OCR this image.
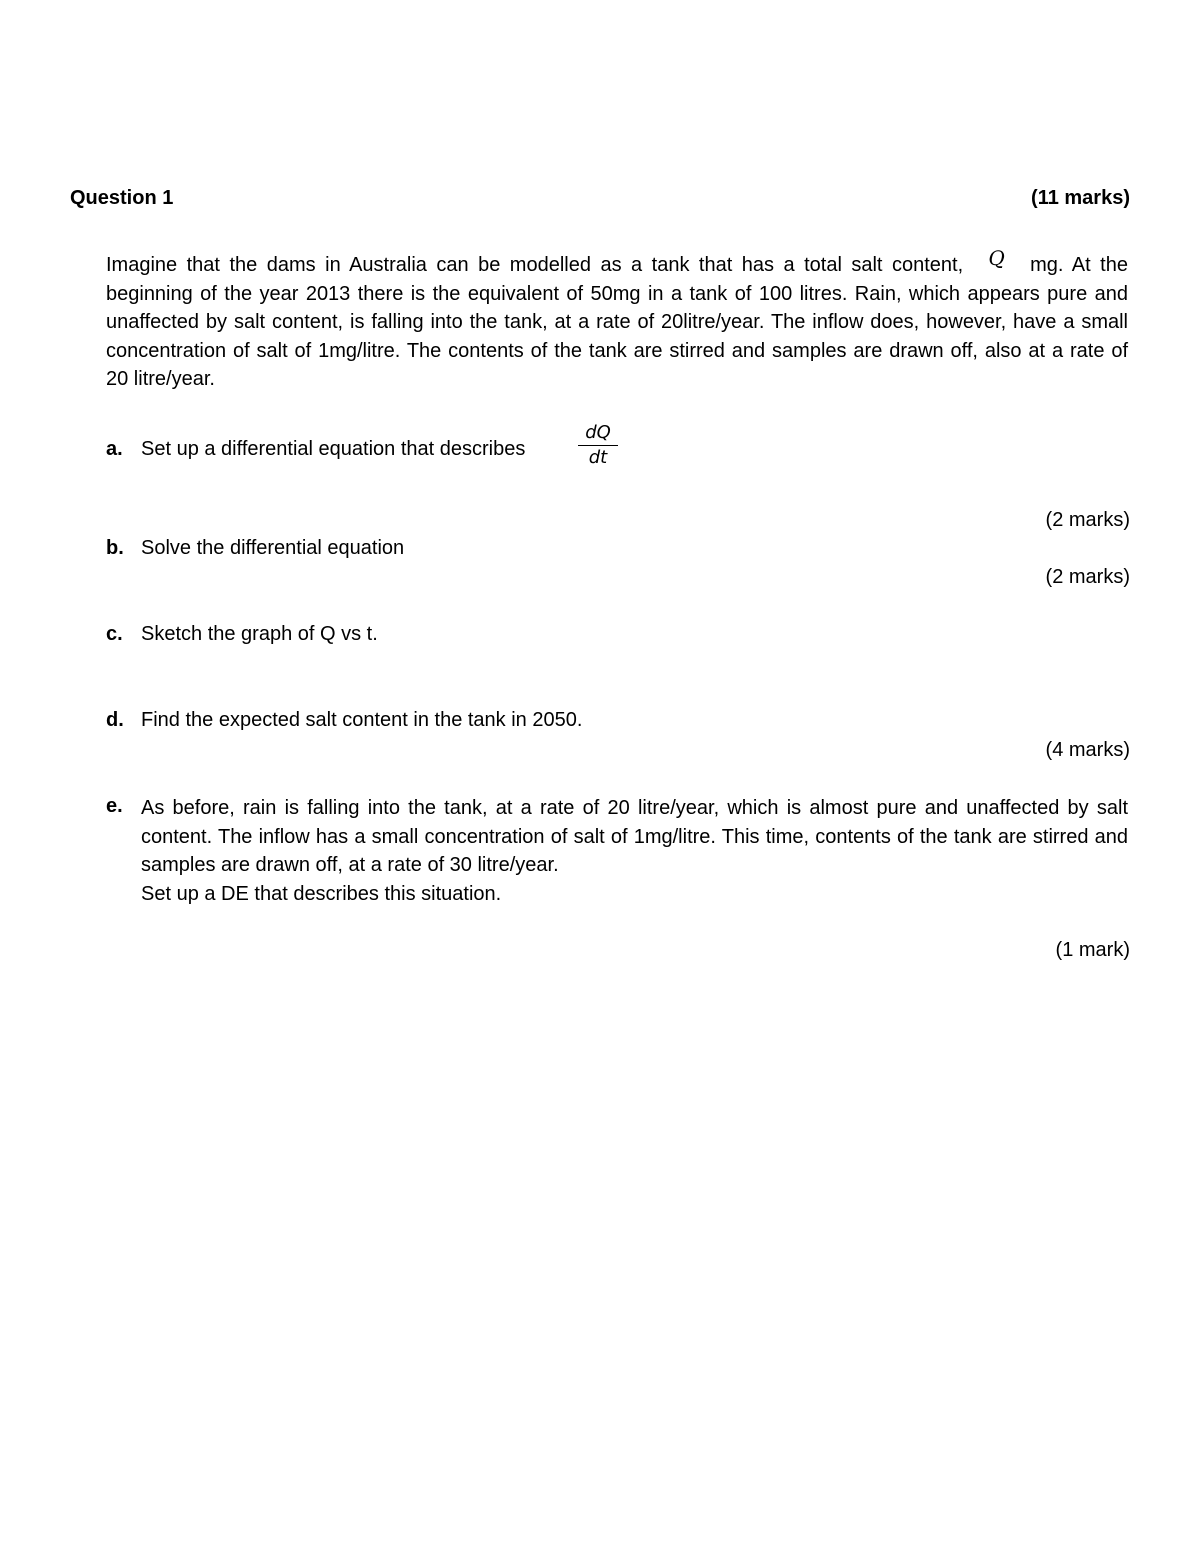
Question 1	(11 marks)
Imagine that the dams in Australia can be modelled as a tank that has a total salt content, Q mg. At the beginning of the year 2013 there is the equivalent of 50mg in a tank of 100 litres. Rain, which appears pure and unaffected by salt content, is falling into the tank, at a rate of 20litre/year. The inflow does, however, have a small concentration of salt of 1mg/litre. The contents of the tank are stirred and samples are drawn off, also at a rate of 20 litre/year.
a. Set up a differential equation that describes	$\frac{dQ}{dt}$
(2 marks)
b. Solve the differential equation
(2 marks)
c. Sketch the graph of Q vs t.
d. Find the expected salt content in the tank in 2050.
(4 marks)
e. As before, rain is falling into the tank, at a rate of 20 litre/year, which is almost pure and unaffected by salt content. The inflow has a small concentration of salt of 1mg/litre. This time, contents of the tank are stirred and samples are drawn off, at a rate of 30 litre/year.
Set up a DE that describes this situation.
(1 mark)
